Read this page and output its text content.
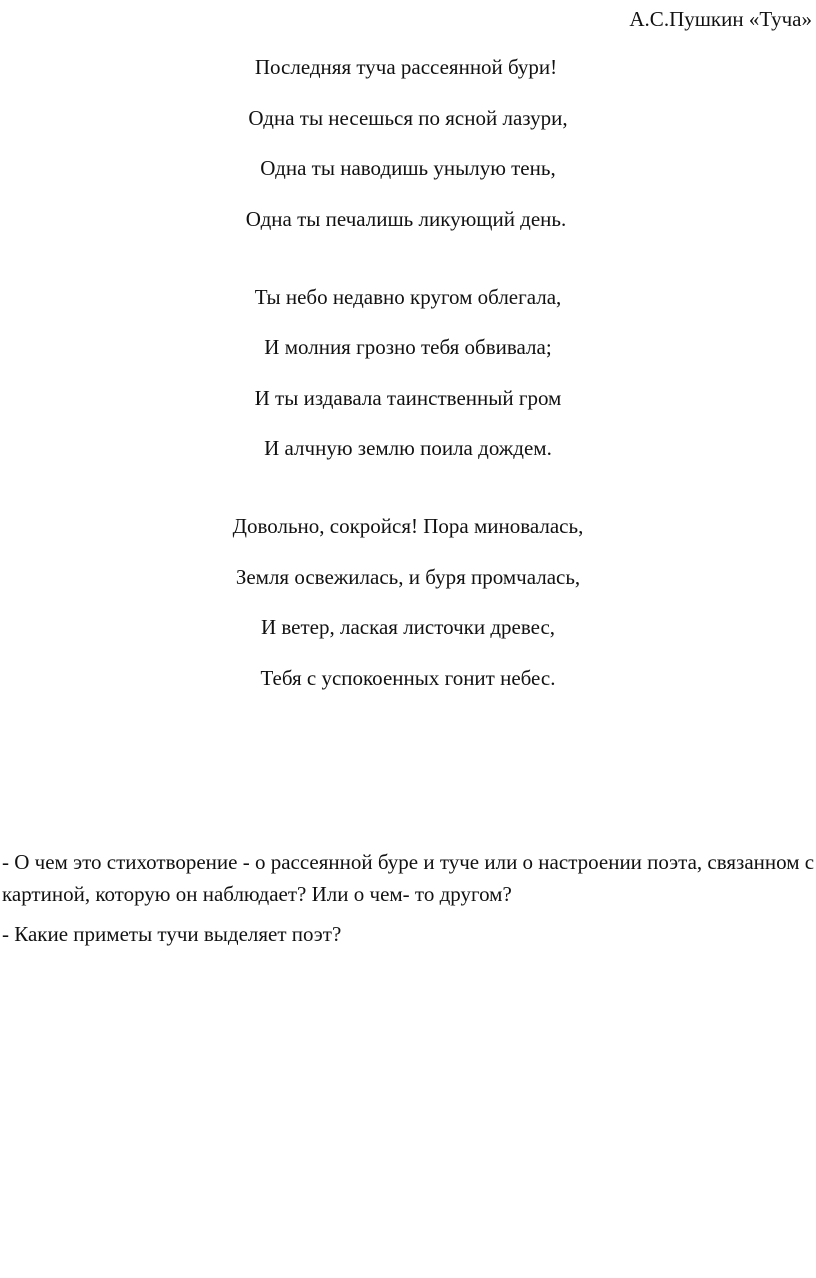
А.С.Пушкин «Туча»
Последняя туча рассеянной бури!
Одна ты несешься по ясной лазури,
Одна ты наводишь унылую тень,
Одна ты печалишь ликующий день.
Ты небо недавно кругом облегала,
И молния грозно тебя обвивала;
И ты издавала таинственный гром
И алчную землю поила дождем.
Довольно, сокройся! Пора миновалась,
Земля освежилась, и буря промчалась,
И ветер, лаская листочки древес,
Тебя с успокоенных гонит небес.

- О чем это стихотворение - о рассеянной буре и туче или о настроении поэта, связанном с картиной, которую он наблюдает? Или о чем- то другом?

- Какие приметы тучи выделяет поэт?
